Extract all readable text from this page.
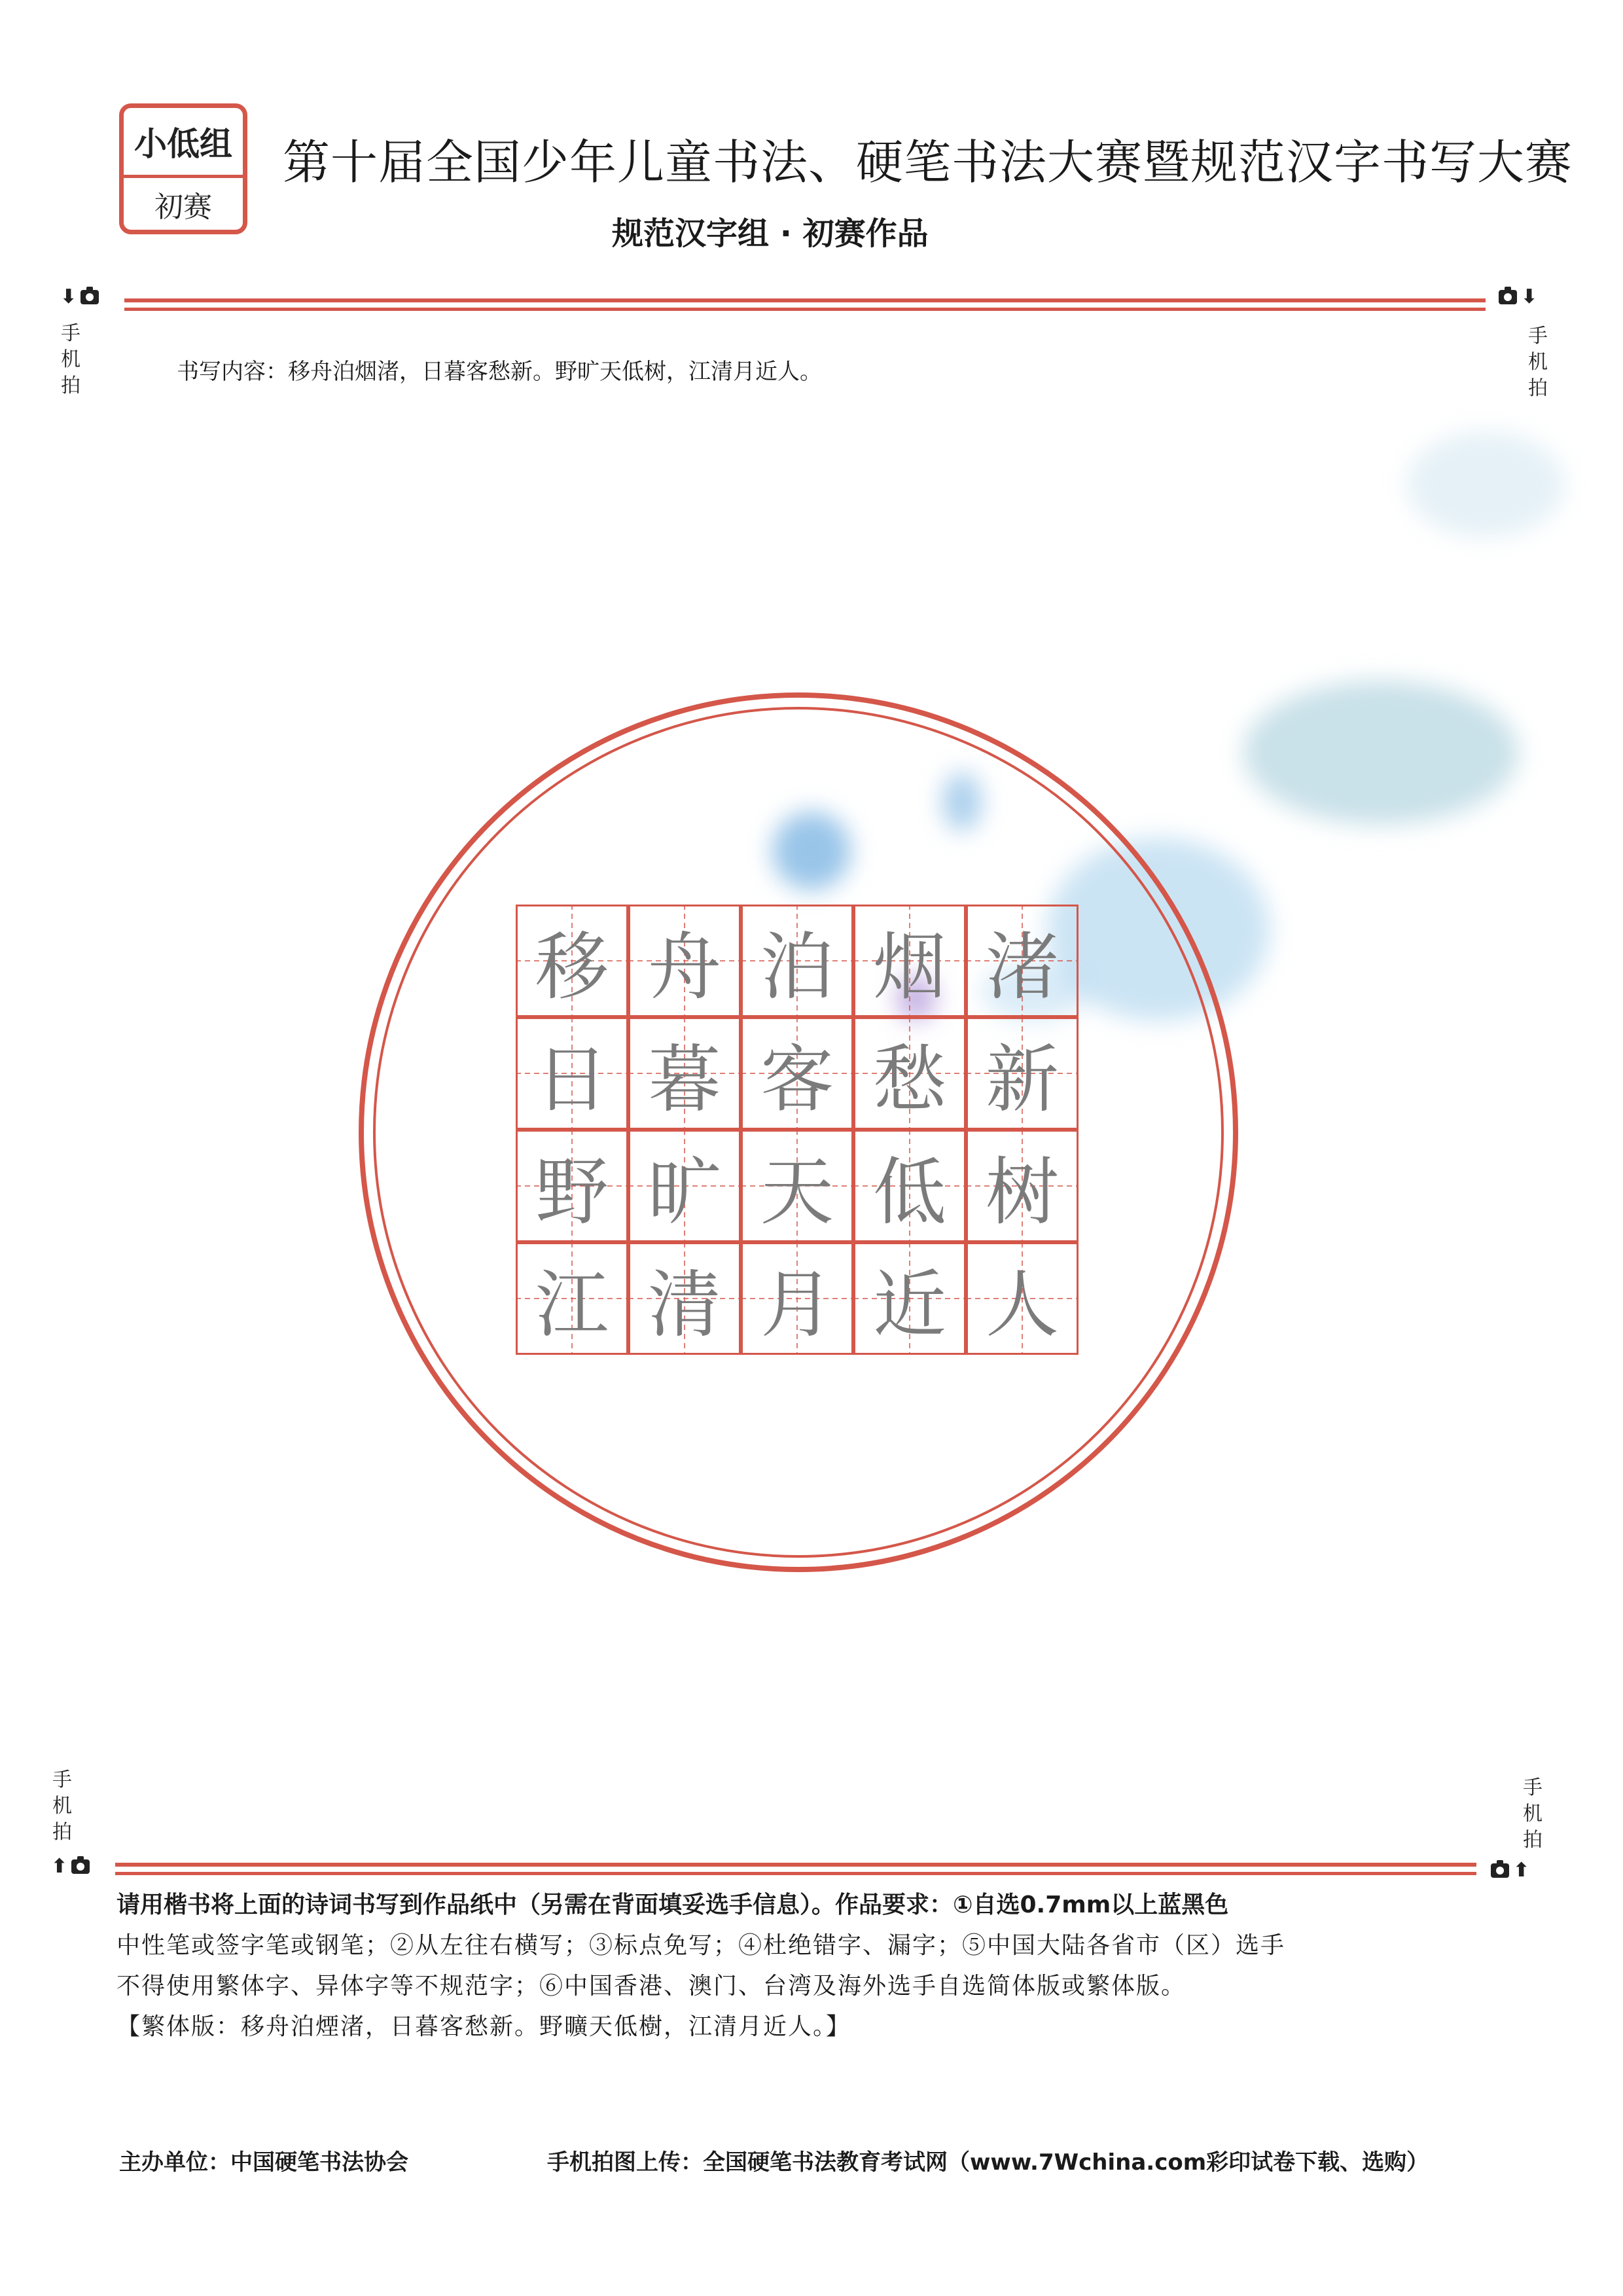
小低组
初赛
第十届全国少年儿童书法、硬笔书法大赛暨规范汉字书写大赛
规范汉字组 · 初赛作品
⬇	⬇
手
机
拍
手
机
拍
书写内容：移舟泊烟渚，日暮客愁新。野旷天低树，江清月近人。
移 舟 泊 烟 渚
日 暮 客 愁 新
野 旷 天 低 树
江 清 月 近 人
手
机
拍
手
机
拍
⬆	⬆

请用楷书将上面的诗词书写到作品纸中（另需在背面填妥选手信息）。作品要求：①自选0.7mm以上蓝黑色

中性笔或签字笔或钢笔；②从左往右横写；③标点免写；④杜绝错字、漏字；⑤中国大陆各省市（区）选手

不得使用繁体字、异体字等不规范字；⑥中国香港、澳门、台湾及海外选手自选简体版或繁体版。

【繁体版：移舟泊煙渚，日暮客愁新。野曠天低樹，江清月近人。】

主办单位：中国硬笔书法协会	手机拍图上传：全国硬笔书法教育考试网（www.7Wchina.com彩印试卷下载、选购）
